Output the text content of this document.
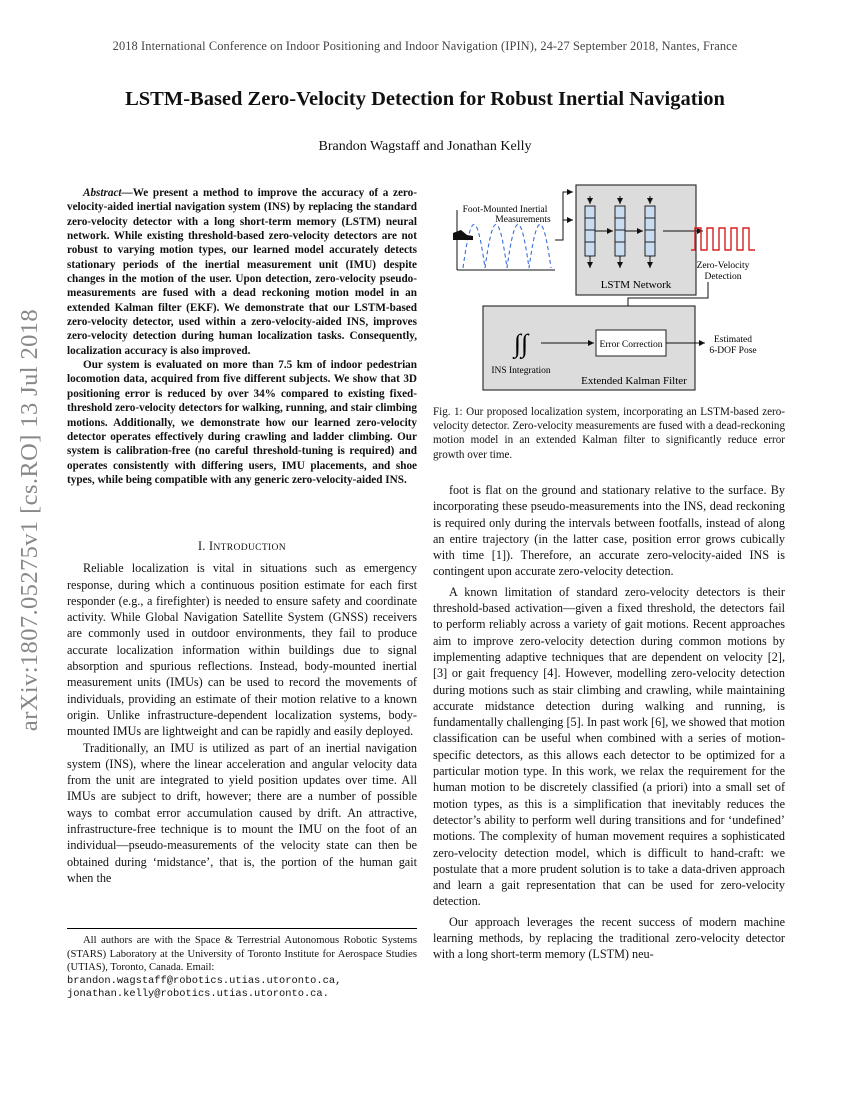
2018 International Conference on Indoor Positioning and Indoor Navigation (IPIN), 24-27 September 2018, Nantes, France
LSTM-Based Zero-Velocity Detection for Robust Inertial Navigation
Brandon Wagstaff and Jonathan Kelly
arXiv:1807.05275v1 [cs.RO] 13 Jul 2018

Abstract—We present a method to improve the accuracy of a zero-velocity-aided inertial navigation system (INS) by replacing the standard zero-velocity detector with a long short-term memory (LSTM) neural network. While existing threshold-based zero-velocity detectors are not robust to varying motion types, our learned model accurately detects stationary periods of the inertial measurement unit (IMU) despite changes in the motion of the user. Upon detection, zero-velocity pseudo-measurements are fused with a dead reckoning motion model in an extended Kalman filter (EKF). We demonstrate that our LSTM-based zero-velocity detector, used within a zero-velocity-aided INS, improves zero-velocity detection during human localization tasks. Consequently, localization accuracy is also improved.

Our system is evaluated on more than 7.5 km of indoor pedestrian locomotion data, acquired from five different subjects. We show that 3D positioning error is reduced by over 34% compared to existing fixed-threshold zero-velocity detectors for walking, running, and stair climbing motions. Additionally, we demonstrate how our learned zero-velocity detector operates effectively during crawling and ladder climbing. Our system is calibration-free (no careful threshold-tuning is required) and operates consistently with differing users, IMU placements, and shoe types, while being compatible with any generic zero-velocity-aided INS.

I. INTRODUCTION

Reliable localization is vital in situations such as emergency response, during which a continuous position estimate for each first responder (e.g., a firefighter) is needed to ensure safety and coordinate activity. While Global Navigation Satellite System (GNSS) receivers are commonly used in outdoor environments, they fail to produce accurate localization information within buildings due to signal absorption and spurious reflections. Instead, body-mounted inertial measurement units (IMUs) can be used to record the movements of individuals, providing an estimate of their motion relative to a known origin. Unlike infrastructure-dependent localization systems, body-mounted IMUs are lightweight and can be rapidly and easily deployed.

Traditionally, an IMU is utilized as part of an inertial navigation system (INS), where the linear acceleration and angular velocity data from the unit are integrated to yield position updates over time. All IMUs are subject to drift, however; there are a number of possible ways to combat error accumulation caused by drift. An attractive, infrastructure-free technique is to mount the IMU on the foot of an individual—pseudo-measurements of the velocity state can then be obtained during ‘midstance’, that is, the portion of the human gait when the

All authors are with the Space & Terrestrial Autonomous Robotic Systems (STARS) Laboratory at the University of Toronto Institute for Aerospace Studies (UTIAS), Toronto, Canada. Email:

brandon.wagstaff@robotics.utias.utoronto.ca,
jonathan.kelly@robotics.utias.utoronto.ca.
LSTM Network
Foot-Mounted Inertial
Measurements
Zero-Velocity
Detection
∫∫
INS Integration
Error Correction	Estimated
6-DOF Pose
Extended Kalman Filter
Fig. 1: Our proposed localization system, incorporating an LSTM-based zero-velocity detector. Zero-velocity measurements are fused with a dead-reckoning motion model in an extended Kalman filter to significantly reduce error growth over time.

foot is flat on the ground and stationary relative to the surface. By incorporating these pseudo-measurements into the INS, dead reckoning is required only during the intervals between footfalls, instead of along an entire trajectory (in the latter case, position error grows cubically with time [1]). Therefore, an accurate zero-velocity-aided INS is contingent upon accurate zero-velocity detection.

A known limitation of standard zero-velocity detectors is their threshold-based activation—given a fixed threshold, the detectors fail to perform reliably across a variety of gait motions. Recent approaches aim to improve zero-velocity detection during common motions by implementing adaptive techniques that are dependent on velocity [2], [3] or gait frequency [4]. However, modelling zero-velocity detection during motions such as stair climbing and crawling, while maintaining accurate midstance detection during walking and running, is fundamentally challenging [5]. In past work [6], we showed that motion classification can be useful when combined with a series of motion-specific detectors, as this allows each detector to be optimized for a particular motion type. In this work, we relax the requirement for the human motion to be discretely classified (a priori) into a small set of motion types, as this is a simplification that inevitably reduces the detector’s ability to perform well during transitions and for ‘undefined’ motions. The complexity of human movement requires a sophisticated zero-velocity detection model, which is difficult to hand-craft: we postulate that a more prudent solution is to take a data-driven approach and learn a gait representation that can be used for zero-velocity detection.

Our approach leverages the recent success of modern machine learning methods, by replacing the traditional zero-velocity detector with a long short-term memory (LSTM) neu-
